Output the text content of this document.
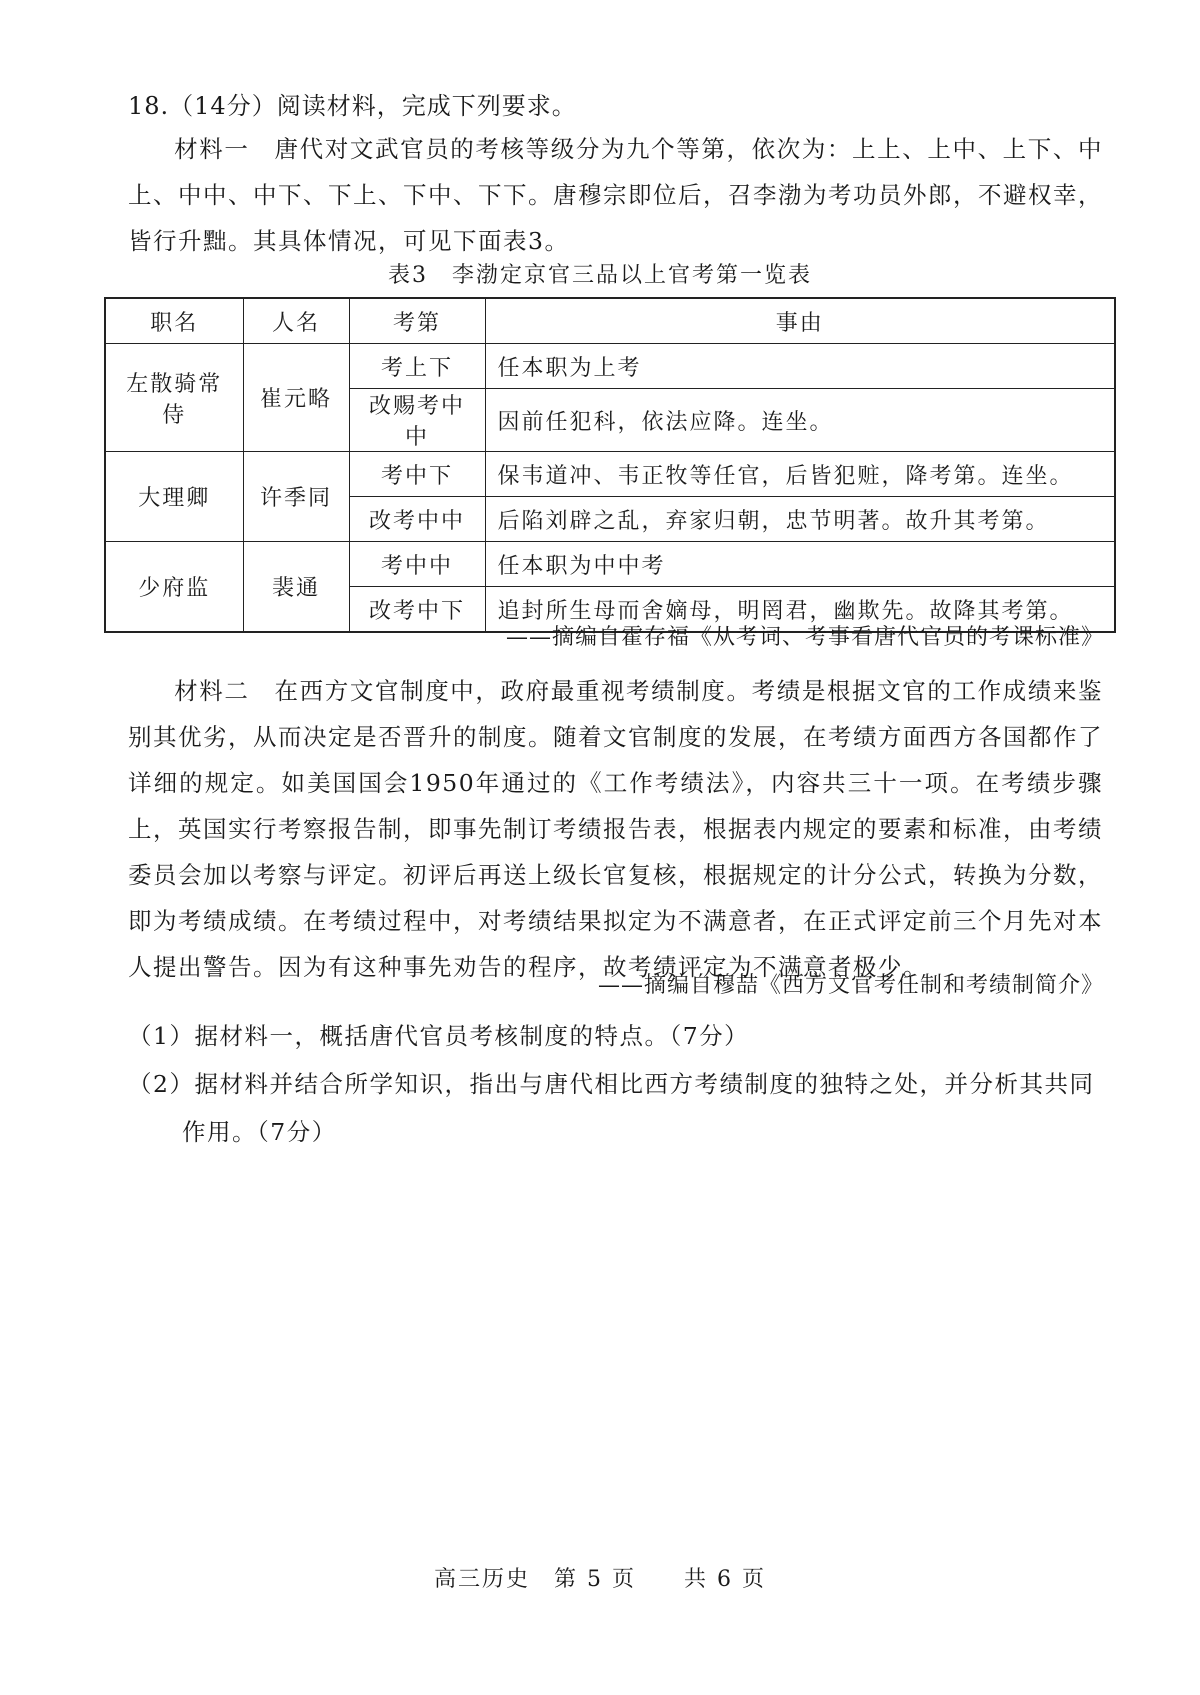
18.（14分）阅读材料，完成下列要求。
材料一　 唐代对文武官员的考核等级分为九个等第，依次为：上上、上中、上下、中上、中中、中下、下上、下中、下下。唐穆宗即位后，召李渤为考功员外郎，不避权幸，皆行升黜。其具体情况，可见下面表3。
表3　李渤定京官三品以上官考第一览表
职名	人名	考第	事由
左散骑常侍	崔元略	考上下	任本职为上考
		改赐考中中	因前任犯科，依法应降。连坐。
大理卿	许季同	考中下	保韦道冲、韦正牧等任官，后皆犯赃，降考第。连坐。
		改考中中	后陷刘辟之乱，弃家归朝，忠节明著。故升其考第。
少府监	裴通	考中中	任本职为中中考
		改考中下	追封所生母而舍嫡母，明罔君，幽欺先。故降其考第。
——摘编自霍存福《从考词、考事看唐代官员的考课标准》
材料二　 在西方文官制度中，政府最重视考绩制度。考绩是根据文官的工作成绩来鉴别其优劣，从而决定是否晋升的制度。随着文官制度的发展，在考绩方面西方各国都作了详细的规定。如美国国会1950年通过的《工作考绩法》，内容共三十一项。在考绩步骤上，英国实行考察报告制，即事先制订考绩报告表，根据表内规定的要素和标准，由考绩委员会加以考察与评定。初评后再送上级长官复核，根据规定的计分公式，转换为分数，即为考绩成绩。在考绩过程中，对考绩结果拟定为不满意者，在正式评定前三个月先对本人提出警告。因为有这种事先劝告的程序，故考绩评定为不满意者极少。
——摘编自穆喆《西方文官考任制和考绩制简介》
（1）据材料一，概括唐代官员考核制度的特点。（7分）
（2）据材料并结合所学知识，指出与唐代相比西方考绩制度的独特之处，并分析其共同
作用。（7分）
高三历史　第 5 页　　共 6 页
